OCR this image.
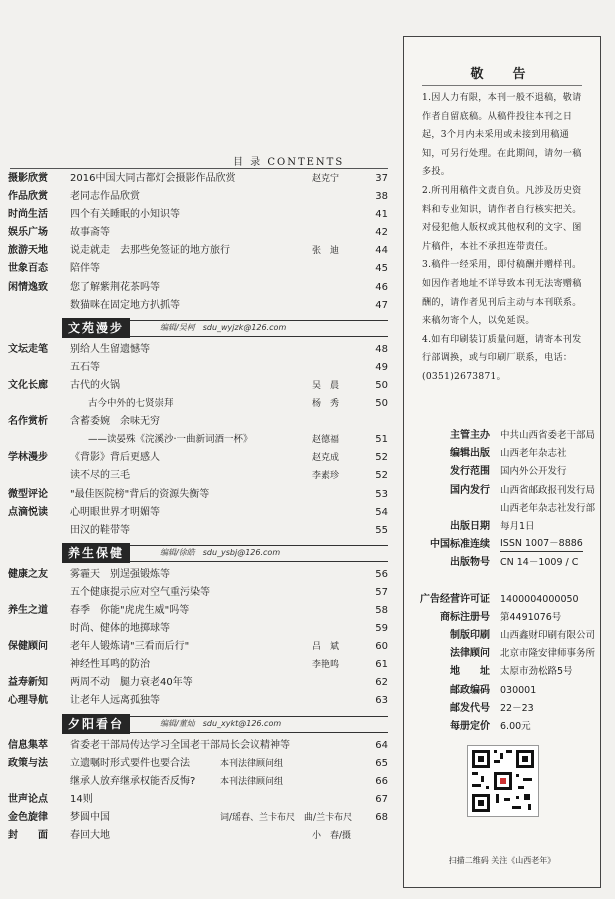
目 录 CONTENTS
摄影欣赏	2016中国大同古都灯会摄影作品欣赏	赵克宁	37
作品欣赏	老同志作品欣赏	38
时尚生活	四个有关睡眠的小知识等	41
娱乐广场	故事斋等	42
旅游天地	说走就走　去那些免签证的地方旅行	张　迪	44
世象百态	陪伴等	45
闲情逸致	您了解紫荆花茶吗等	46
数猫咪在固定地方扒抓等	47
文苑漫步	编辑/吴柯　sdu_wyjzk@126.com
文坛走笔	别给人生留遗憾等	48
五石等	49
文化长廊	古代的火锅	吴　晨	50
古今中外的七贤崇拜	杨　秀	50
名作赏析	含蓄委婉　余味无穷
——读晏殊《浣溪沙·一曲新词酒一杯》	赵德福	51
学林漫步	《背影》背后更感人	赵克成	52
读不尽的三毛	李素珍	52
微型评论	"最佳医院榜"背后的资源失衡等	53
点滴悦读	心明眼世界才明媚等	54
田汉的鞋带等	55
养生保健	编辑/徐皓　sdu_ysbj@126.com
健康之友	雾霾天　别逞强锻炼等	56
五个健康提示应对空气重污染等	57
养生之道	春季　你能"虎虎生威"吗等	58
时尚、健体的地掷球等	59
保健顾问	老年人锻炼请"三看而后行"	吕　斌	60
神经性耳鸣的防治	李艳鸣	61
益寿新知	两周不动　腿力衰老40年等	62
心理导航	让老年人远离孤独等	63
夕阳看台	编辑/董灿　sdu_xykt@126.com
信息集萃	省委老干部局传达学习全国老干部局长会议精神等	64
政策与法	立遗嘱时形式要件也要合法	本刊法律顾问组	65
继承人放弃继承权能否反悔?	本刊法律顾问组	66
世声论点	14则	67
金色旋律	梦圆中国	词/瑶春、兰卡布尺　曲/兰卡布尺	68
封　　面	春回大地	小　春/摄
敬　告

1.因人力有限，本刊一般不退稿，敬请作者自留底稿。从稿件投往本刊之日起，3个月内未采用或未接到用稿通知，可另行处理。在此期间，请勿一稿多投。

2.所刊用稿件文责自负。凡涉及历史资料和专业知识，请作者自行核实把关。对侵犯他人版权或其他权利的文字、图片稿件，本社不承担连带责任。

3.稿件一经采用，即付稿酬并赠样刊。如因作者地址不详导致本刊无法寄赠稿酬的，请作者见刊后主动与本刊联系。来稿勿寄个人，以免延误。

4.如有印刷装订质量问题，请寄本刊发行部调换，或与印刷厂联系，电话：(0351)2673871。

主管主办 中共山西省委老干部局
编辑出版 山西老年杂志社
发行范围 国内外公开发行
国内发行 山西省邮政报刊发行局
山西老年杂志社发行部
出版日期 每月1日
中国标准连续 ISSN 1007－8886
出版物号 CN 14－1009 / C
广告经营许可证 1400004000050
商标注册号 第4491076号
制版印刷 山西鑫财印刷有限公司
法律顾问 北京市隆安律师事务所
地　　址 太原市劲松路5号
邮政编码 030001
邮发代号 22－23
每册定价 6.00元
扫描二维码 关注《山西老年》
